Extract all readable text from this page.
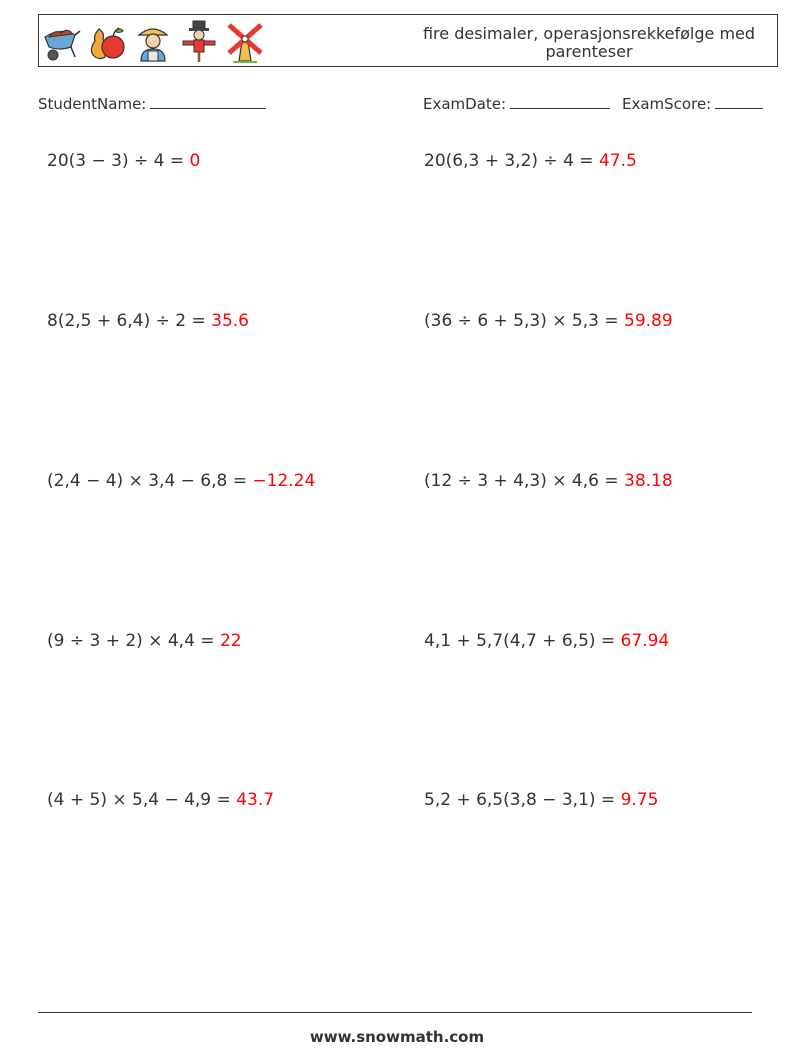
fire desimaler, operasjonsrekkefølge med parenteser
StudentName:	ExamDate:	ExamScore:
20(3 − 3) ÷ 4 = 0	20(6,3 + 3,2) ÷ 4 = 47.5
8(2,5 + 6,4) ÷ 2 = 35.6	(36 ÷ 6 + 5,3) × 5,3 = 59.89
(2,4 − 4) × 3,4 − 6,8 = −12.24	(12 ÷ 3 + 4,3) × 4,6 = 38.18
(9 ÷ 3 + 2) × 4,4 = 22	4,1 + 5,7(4,7 + 6,5) = 67.94
(4 + 5) × 5,4 − 4,9 = 43.7	5,2 + 6,5(3,8 − 3,1) = 9.75
www.snowmath.com
